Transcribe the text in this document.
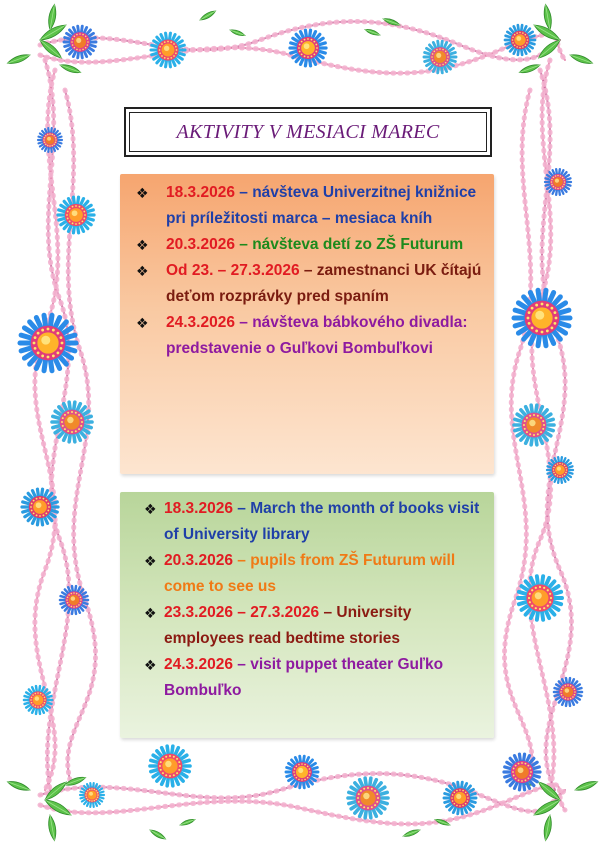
AKTIVITY V MESIACI MAREC
❖ 18.3.2026 – návšteva Univerzitnej knižnice pri príležitosti marca – mesiaca kníh
❖ 20.3.2026 – návšteva detí zo ZŠ Futurum
❖ Od 23. – 27.3.2026 – zamestnanci UK čítajú deťom rozprávky pred spaním
❖ 24.3.2026 – návšteva bábkového divadla: predstavenie o Guľkovi Bombuľkovi
❖ 18.3.2026 – March the month of books visit of University library
❖ 20.3.2026 – pupils from ZŠ Futurum will come to see us
❖ 23.3.2026 – 27.3.2026 – University employees read bedtime stories
❖ 24.3.2026 – visit puppet theater Guľko Bombuľko
